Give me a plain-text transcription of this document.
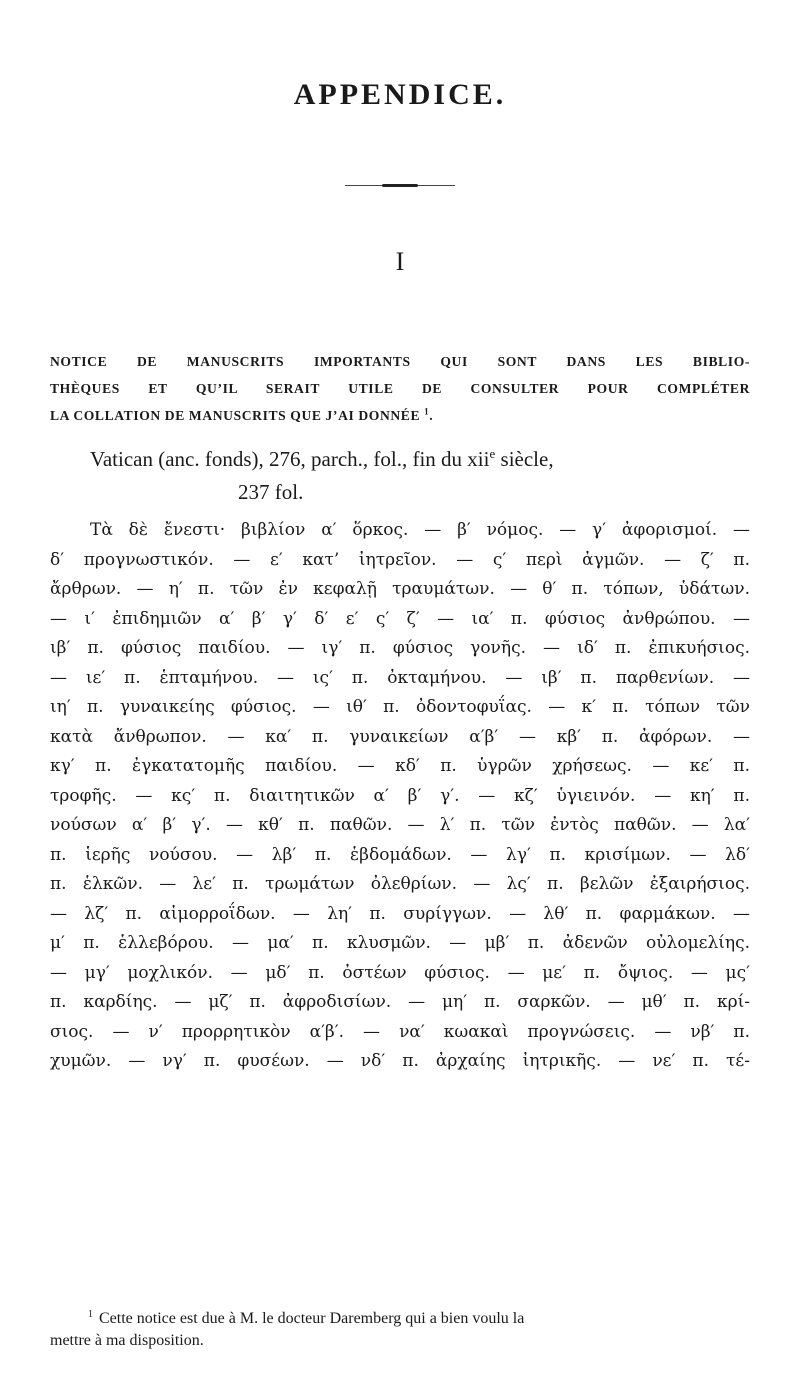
APPENDICE.
I
NOTICE DE MANUSCRITS IMPORTANTS QUI SONT DANS LES BIBLIO-
THÈQUES ET QU’IL SERAIT UTILE DE CONSULTER POUR COMPLÉTER
LA COLLATION DE MANUSCRITS QUE J’AI DONNÉE $^1$.
Vatican (anc. fonds), 276, parch., fol., fin du xii$^e$ siècle,
237 fol.
Τὰ δὲ ἔνεστι· βιβλίον α′ ὅρκος. — β′ νόμος. — γ′ ἀφορισμοί. —
δ′ προγνωστικόν. — ε′ κατ’ ἰητρεῖον. — ς′ περὶ ἀγμῶν. — ζ′ π.
ἄρθρων. — η′ π. τῶν ἐν κεφαλῇ τραυμάτων. — θ′ π. τόπων, ὑδάτων.
— ι′ ἐπιδημιῶν α′ β′ γ′ δ′ ε′ ς′ ζ′ — ια′ π. φύσιος ἀνθρώπου. —
ιβ′ π. φύσιος παιδίου. — ιγ′ π. φύσιος γονῆς. — ιδ′ π. ἐπικυήσιος.
— ιε′ π. ἑπταμήνου. — ις′ π. ὀκταμήνου. — ιβ′ π. παρθενίων. —
ιη′ π. γυναικείης φύσιος. — ιθ′ π. ὀδοντοφυΐας. — κ′ π. τόπων τῶν
κατὰ ἄνθρωπον. — κα′ π. γυναικείων α′β′ — κβ′ π. ἀφόρων. —
κγ′ π. ἐγκατατομῆς παιδίου. — κδ′ π. ὑγρῶν χρήσεως. — κε′ π.
τροφῆς. — κς′ π. διαιτητικῶν α′ β′ γ′. — κζ′ ὑγιεινόν. — κη′ π.
νούσων α′ β′ γ′. — κθ′ π. παθῶν. — λ′ π. τῶν ἐντὸς παθῶν. — λα′
π. ἱερῆς νούσου. — λβ′ π. ἑβδομάδων. — λγ′ π. κρισίμων. — λδ′
π. ἑλκῶν. — λε′ π. τρωμάτων ὀλεθρίων. — λς′ π. βελῶν ἐξαιρήσιος.
— λζ′ π. αἱμορροΐδων. — λη′ π. συρίγγων. — λθ′ π. φαρμάκων. —
μ′ π. ἑλλεβόρου. — μα′ π. κλυσμῶν. — μβ′ π. ἀδενῶν οὐλομελίης.
— μγ′ μοχλικόν. — μδ′ π. ὀστέων φύσιος. — με′ π. ὄψιος. — μς′
π. καρδίης. — μζ′ π. ἀφροδισίων. — μη′ π. σαρκῶν. — μθ′ π. κρί-
σιος. — ν′ προρρητικὸν α′β′. — να′ κωακαὶ προγνώσεις. — νβ′ π.
χυμῶν. — νγ′ π. φυσέων. — νδ′ π. ἀρχαίης ἰητρικῆς. — νε′ π. τέ-
$^1$ Cette notice est due à M. le docteur Daremberg qui a bien voulu la
mettre à ma disposition.
